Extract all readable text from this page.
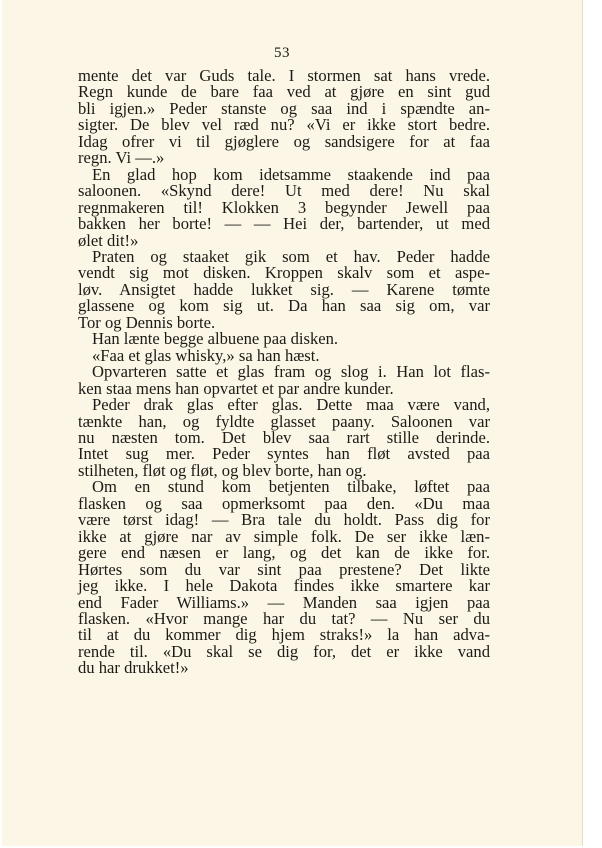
53
mente det var Guds tale. I stormen sat hans vrede.
Regn kunde de bare faa ved at gjøre en sint gud
bli igjen.» Peder stanste og saa ind i spændte an-
sigter. De blev vel ræd nu? «Vi er ikke stort bedre.
Idag ofrer vi til gjøglere og sandsigere for at faa
regn. Vi —.»
En glad hop kom idetsamme staakende ind paa
saloonen. «Skynd dere! Ut med dere! Nu skal
regnmakeren til! Klokken 3 begynder Jewell paa
bakken her borte! — — Hei der, bartender, ut med
ølet dit!»
Praten og staaket gik som et hav. Peder hadde
vendt sig mot disken. Kroppen skalv som et aspe-
løv. Ansigtet hadde lukket sig. — Karene tømte
glassene og kom sig ut. Da han saa sig om, var
Tor og Dennis borte.
Han lænte begge albuene paa disken.
«Faa et glas whisky,» sa han hæst.
Opvarteren satte et glas fram og slog i. Han lot flas-
ken staa mens han opvartet et par andre kunder.
Peder drak glas efter glas. Dette maa være vand,
tænkte han, og fyldte glasset paany. Saloonen var
nu næsten tom. Det blev saa rart stille derinde.
Intet sug mer. Peder syntes han fløt avsted paa
stilheten, fløt og fløt, og blev borte, han og.
Om en stund kom betjenten tilbake, løftet paa
flasken og saa opmerksomt paa den. «Du maa
være tørst idag! — Bra tale du holdt. Pass dig for
ikke at gjøre nar av simple folk. De ser ikke læn-
gere end næsen er lang, og det kan de ikke for.
Hørtes som du var sint paa prestene? Det likte
jeg ikke. I hele Dakota findes ikke smartere kar
end Fader Williams.» — Manden saa igjen paa
flasken. «Hvor mange har du tat? — Nu ser du
til at du kommer dig hjem straks!» la han adva-
rende til. «Du skal se dig for, det er ikke vand
du har drukket!»
